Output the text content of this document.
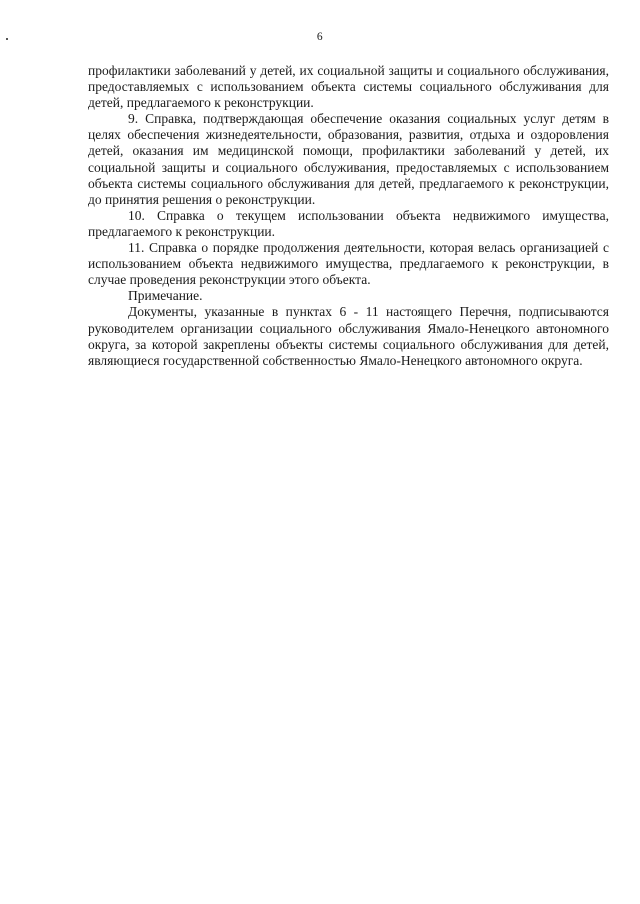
6

профилактики заболеваний у детей, их социальной защиты и социального обслуживания, предоставляемых с использованием объекта системы социального обслуживания для детей, предлагаемого к реконструкции.

9. Справка, подтверждающая обеспечение оказания социальных услуг детям в целях обеспечения жизнедеятельности, образования, развития, отдыха и оздоровления детей, оказания им медицинской помощи, профилактики заболеваний у детей, их социальной защиты и социального обслуживания, предоставляемых с использованием объекта системы социального обслуживания для детей, предлагаемого к реконструкции, до принятия решения о реконструкции.

10. Справка о текущем использовании объекта недвижимого имущества, предлагаемого к реконструкции.

11. Справка о порядке продолжения деятельности, которая велась организацией с использованием объекта недвижимого имущества, предлагаемого к реконструкции, в случае проведения реконструкции этого объекта.

Примечание.

Документы, указанные в пунктах 6 - 11 настоящего Перечня, подписываются руководителем организации социального обслуживания Ямало-Ненецкого автономного округа, за которой закреплены объекты системы социального обслуживания для детей, являющиеся государственной собственностью Ямало-Ненецкого автономного округа.
